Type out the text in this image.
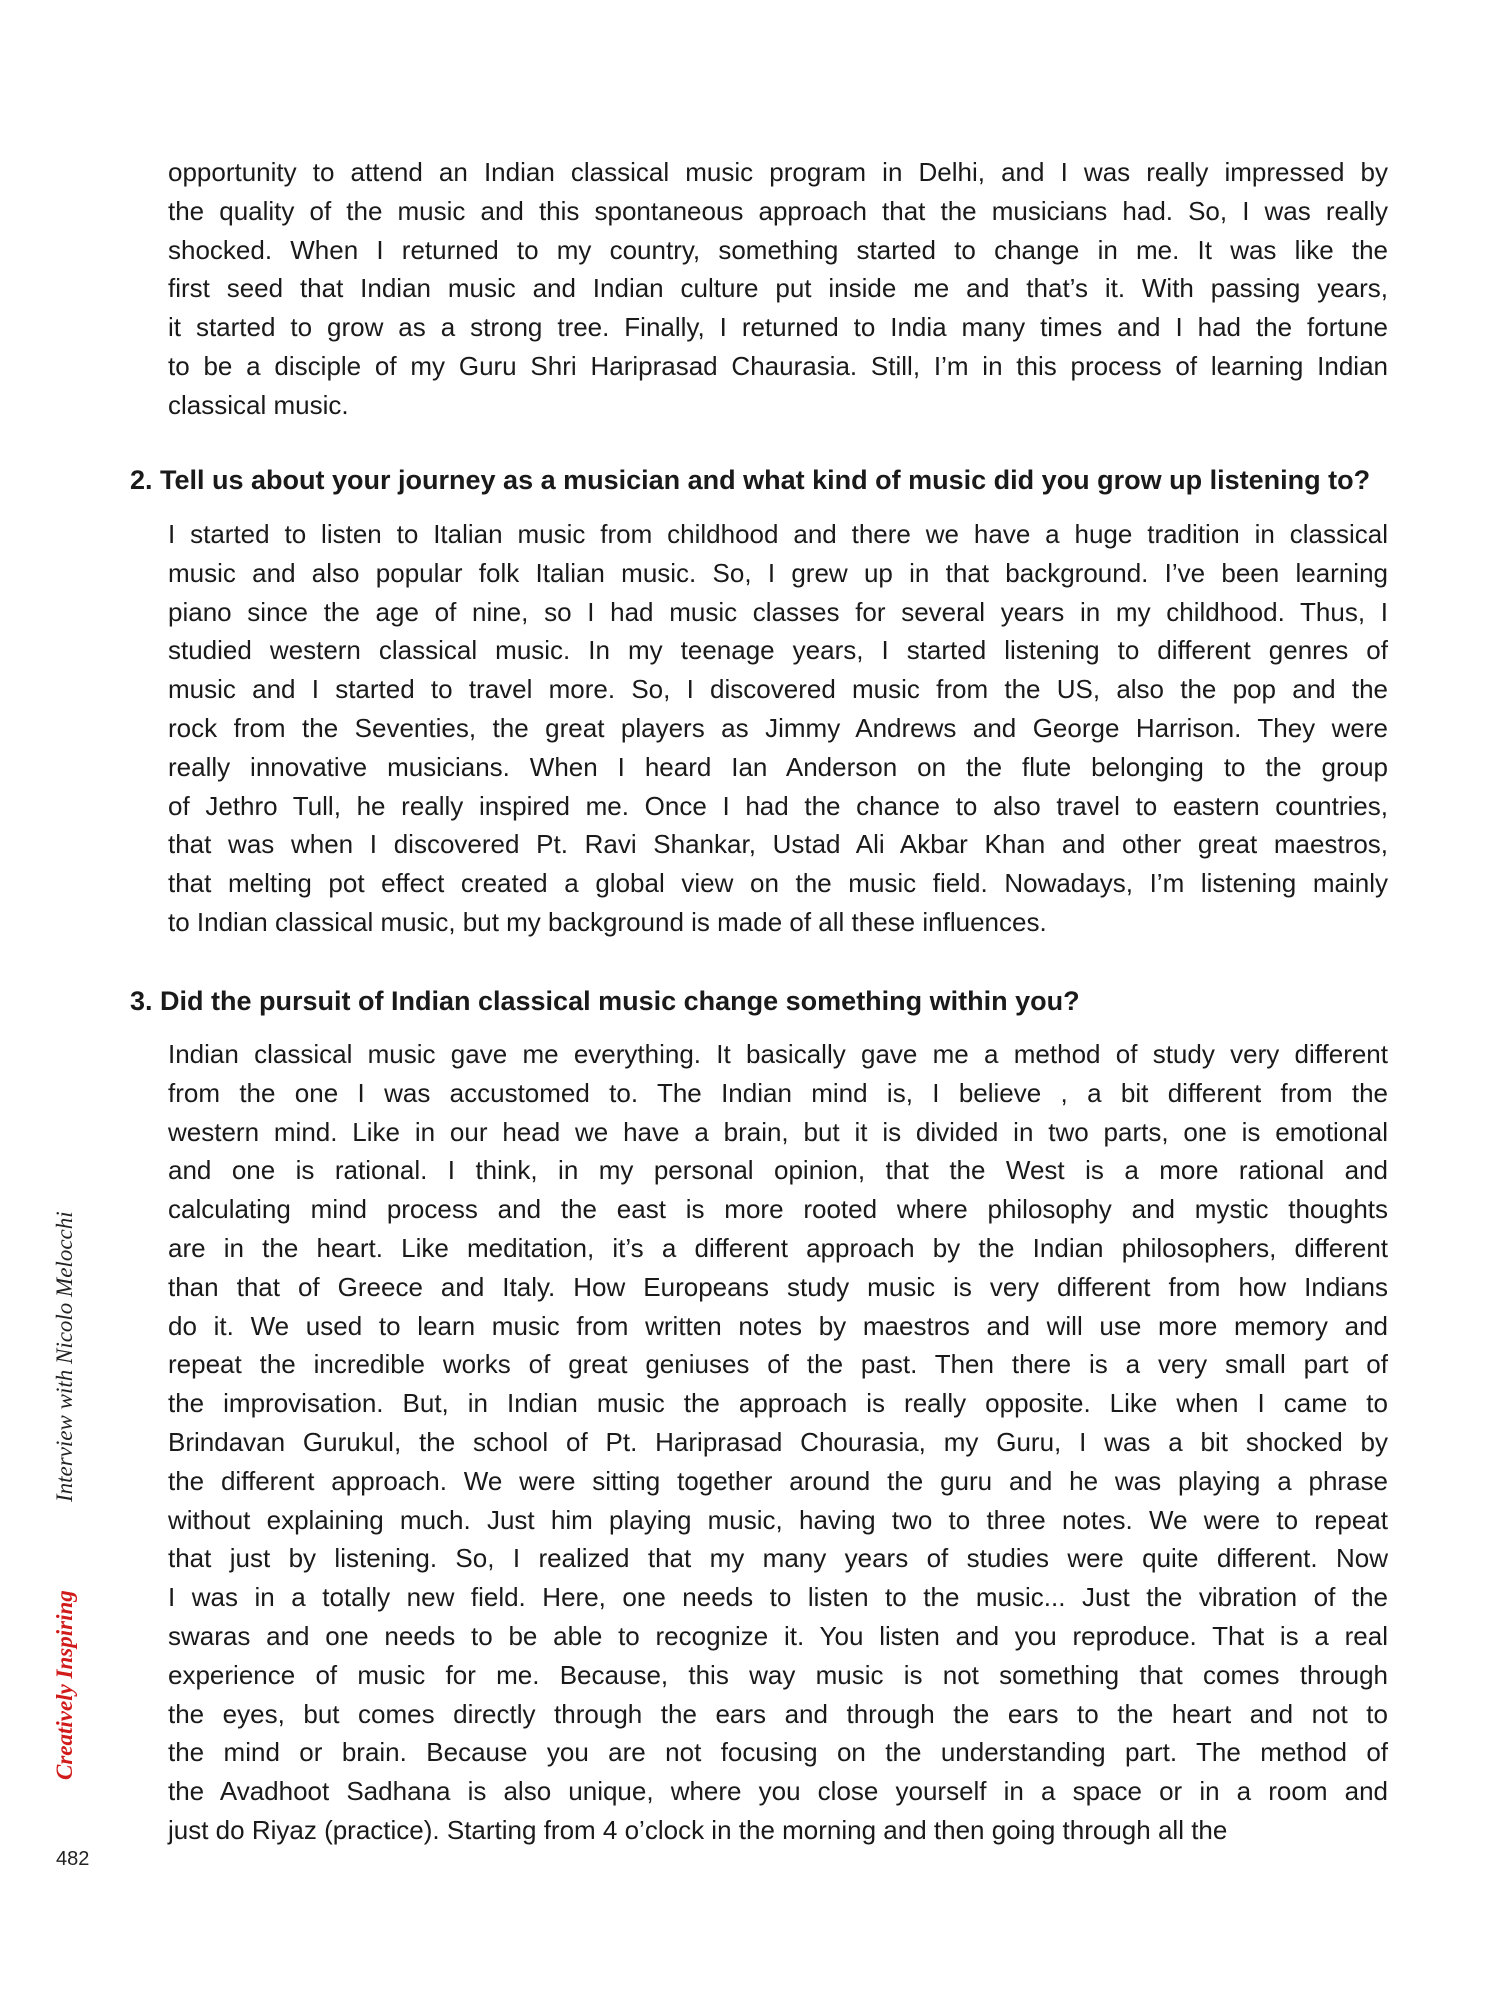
Interview with Nicolo Melocchi
Creatively Inspiring
482
opportunity to attend an Indian classical music program in Delhi, and I was really impressed by
the quality of the music and this spontaneous approach that the musicians had. So, I was really
shocked. When I returned to my country, something started to change in me. It was like the
first seed that Indian music and Indian culture put inside me and that’s it. With passing years,
it started to grow as a strong tree. Finally, I returned to India many times and I had the fortune
to be a disciple of my Guru Shri Hariprasad Chaurasia. Still, I’m in this process of learning Indian
classical music.
2. Tell us about your journey as a musician and what kind of music did you grow up listening to?
I started to listen to Italian music from childhood and there we have a huge tradition in classical
music and also popular folk Italian music. So, I grew up in that background. I’ve been learning
piano since the age of nine, so I had music classes for several years in my childhood. Thus, I
studied western classical music. In my teenage years, I started listening to different genres of
music and I started to travel more. So, I discovered music from the US, also the pop and the
rock from the Seventies, the great players as Jimmy Andrews and George Harrison. They were
really innovative musicians. When I heard Ian Anderson on the flute belonging to the group
of Jethro Tull, he really inspired me. Once I had the chance to also travel to eastern countries,
that was when I discovered Pt. Ravi Shankar, Ustad Ali Akbar Khan and other great maestros,
that melting pot effect created a global view on the music field. Nowadays, I’m listening mainly
to Indian classical music, but my background is made of all these influences.
3. Did the pursuit of Indian classical music change something within you?
Indian classical music gave me everything. It basically gave me a method of study very different
from the one I was accustomed to. The Indian mind is, I believe , a bit different from the
western mind. Like in our head we have a brain, but it is divided in two parts, one is emotional
and one is rational. I think, in my personal opinion, that the West is a more rational and
calculating mind process and the east is more rooted where philosophy and mystic thoughts
are in the heart. Like meditation, it’s a different approach by the Indian philosophers, different
than that of Greece and Italy. How Europeans study music is very different from how Indians
do it. We used to learn music from written notes by maestros and will use more memory and
repeat the incredible works of great geniuses of the past. Then there is a very small part of
the improvisation. But, in Indian music the approach is really opposite. Like when I came to
Brindavan Gurukul, the school of Pt. Hariprasad Chourasia, my Guru, I was a bit shocked by
the different approach. We were sitting together around the guru and he was playing a phrase
without explaining much. Just him playing music, having two to three notes. We were to repeat
that just by listening. So, I realized that my many years of studies were quite different. Now
I was in a totally new field. Here, one needs to listen to the music... Just the vibration of the
swaras and one needs to be able to recognize it. You listen and you reproduce. That is a real
experience of music for me. Because, this way music is not something that comes through
the eyes, but comes directly through the ears and through the ears to the heart and not to
the mind or brain. Because you are not focusing on the understanding part. The method of
the Avadhoot Sadhana is also unique, where you close yourself in a space or in a room and
just do Riyaz (practice). Starting from 4 o’clock in the morning and then going through all the
